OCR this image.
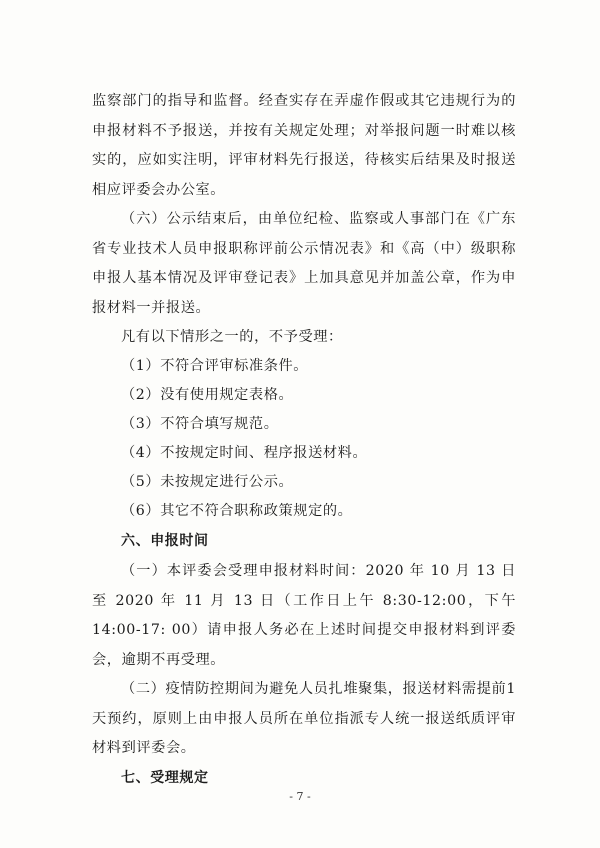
监察部门的指导和监督。经查实存在弄虚作假或其它违规行为的申报材料不予报送，并按有关规定处理；对举报问题一时难以核实的，应如实注明，评审材料先行报送，待核实后结果及时报送相应评委会办公室。

（六）公示结束后，由单位纪检、监察或人事部门在《广东省专业技术人员申报职称评前公示情况表》和《高（中）级职称申报人基本情况及评审登记表》上加具意见并加盖公章，作为申报材料一并报送。

凡有以下情形之一的，不予受理：

（1）不符合评审标准条件。

（2）没有使用规定表格。

（3）不符合填写规范。

（4）不按规定时间、程序报送材料。

（5）未按规定进行公示。

（6）其它不符合职称政策规定的。

六、申报时间

（一）本评委会受理申报材料时间：2020 年 10 月 13 日至 2020 年 11 月 13 日（工作日上午 8:30-12:00，下午 14:00-17: 00）请申报人务必在上述时间提交申报材料到评委会，逾期不再受理。

（二）疫情防控期间为避免人员扎堆聚集，报送材料需提前1 天预约，原则上由申报人员所在单位指派专人统一报送纸质评审材料到评委会。

七、受理规定

- 7 -
